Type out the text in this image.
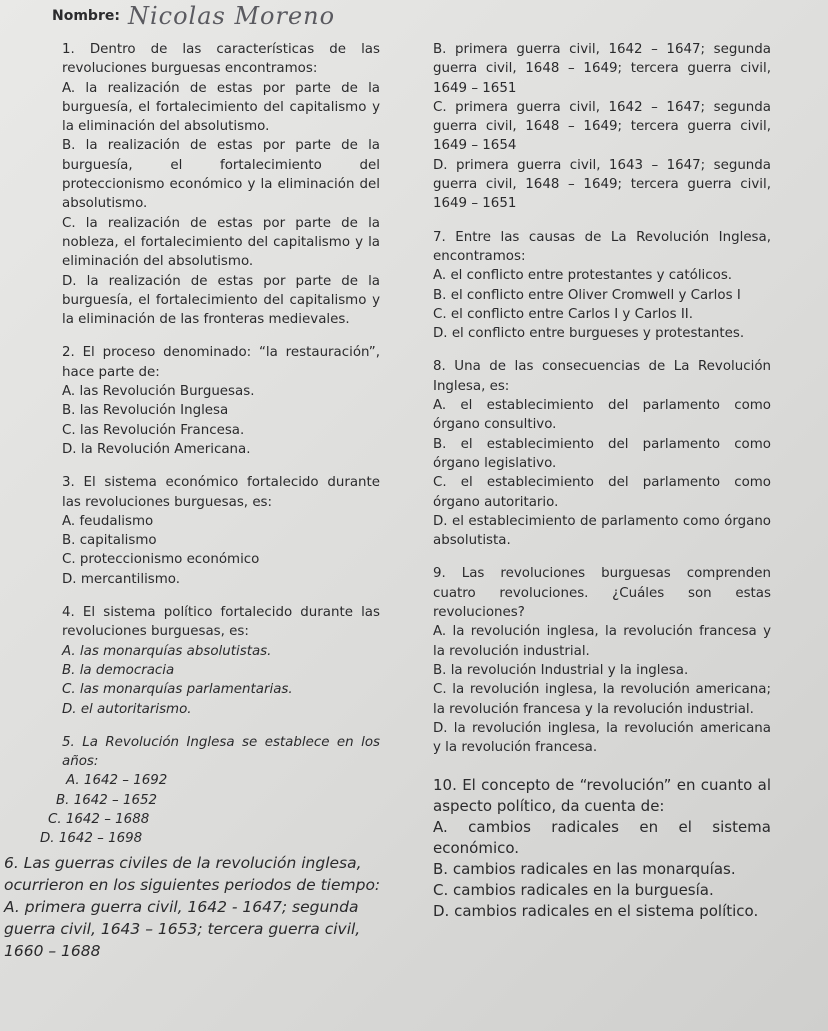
Nombre: Nicolas Moreno

1. Dentro de las características de las revoluciones burguesas encontramos:

A. la realización de estas por parte de la burguesía, el fortalecimiento del capitalismo y la eliminación del absolutismo.

B. la realización de estas por parte de la burguesía, el fortalecimiento del proteccionismo económico y la eliminación del absolutismo.

C. la realización de estas por parte de la nobleza, el fortalecimiento del capitalismo y la eliminación del absolutismo.

D. la realización de estas por parte de la burguesía, el fortalecimiento del capitalismo y la eliminación de las fronteras medievales.

2. El proceso denominado: “la restauración”, hace parte de:

A. las Revolución Burguesas.

B. las Revolución Inglesa

C. las Revolución Francesa.

D. la Revolución Americana.

3. El sistema económico fortalecido durante las revoluciones burguesas, es:

A. feudalismo

B. capitalismo

C. proteccionismo económico

D. mercantilismo.

4. El sistema político fortalecido durante las revoluciones burguesas, es:

A. las monarquías absolutistas.

B. la democracia

C. las monarquías parlamentarias.

D. el autoritarismo.

5. La Revolución Inglesa se establece en los años:

A. 1642 – 1692

B. 1642 – 1652

C. 1642 – 1688

D. 1642 – 1698

6. Las guerras civiles de la revolución inglesa, ocurrieron en los siguientes periodos de tiempo:

A. primera guerra civil, 1642 - 1647; segunda guerra civil, 1643 – 1653; tercera guerra civil, 1660 – 1688

B. primera guerra civil, 1642 – 1647; segunda guerra civil, 1648 – 1649; tercera guerra civil, 1649 – 1651

C. primera guerra civil, 1642 – 1647; segunda guerra civil, 1648 – 1649; tercera guerra civil, 1649 – 1654

D. primera guerra civil, 1643 – 1647; segunda guerra civil, 1648 – 1649; tercera guerra civil, 1649 – 1651

7. Entre las causas de La Revolución Inglesa, encontramos:

A. el conflicto entre protestantes y católicos.

B. el conflicto entre Oliver Cromwell y Carlos I

C. el conflicto entre Carlos I y Carlos II.

D. el conflicto entre burgueses y protestantes.

8. Una de las consecuencias de La Revolución Inglesa, es:

A. el establecimiento del parlamento como órgano consultivo.

B. el establecimiento del parlamento como órgano legislativo.

C. el establecimiento del parlamento como órgano autoritario.

D. el establecimiento de parlamento como órgano absolutista.

9. Las revoluciones burguesas comprenden cuatro revoluciones. ¿Cuáles son estas revoluciones?

A. la revolución inglesa, la revolución francesa y la revolución industrial.

B. la revolución Industrial y la inglesa.

C. la revolución inglesa, la revolución americana; la revolución francesa y la revolución industrial.

D. la revolución inglesa, la revolución americana y la revolución francesa.

10. El concepto de “revolución” en cuanto al aspecto político, da cuenta de:

A. cambios radicales en el sistema económico.

B. cambios radicales en las monarquías.

C. cambios radicales en la burguesía.

D. cambios radicales en el sistema político.
